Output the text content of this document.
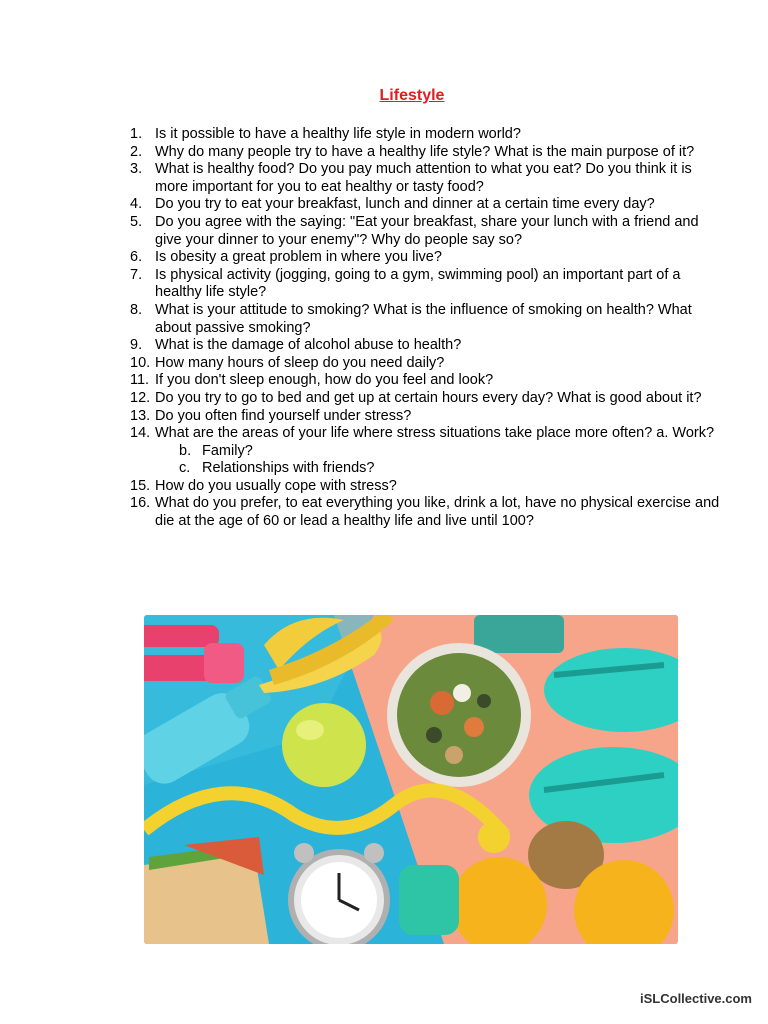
Lifestyle
1. Is it possible to have a healthy life style in modern world?
2. Why do many people try to have a healthy life style? What is the main purpose of it?
3. What is healthy food? Do you pay much attention to what you eat? Do you think it is more important for you to eat healthy or tasty food?
4. Do you try to eat your breakfast, lunch and dinner at a certain time every day?
5. Do you agree with the saying: "Eat your breakfast, share your lunch with a friend and give your dinner to your enemy"? Why do people say so?
6. Is obesity a great problem in where you live?
7. Is physical activity (jogging, going to a gym, swimming pool) an important part of a healthy life style?
8. What is your attitude to smoking? What is the influence of smoking on health? What about passive smoking?
9. What is the damage of alcohol abuse to health?
10. How many hours of sleep do you need daily?
11. If you don't sleep enough, how do you feel and look?
12. Do you try to go to bed and get up at certain hours every day? What is good about it?
13. Do you often find yourself under stress?
14. What are the areas of your life where stress situations take place more often? a. Work?
b. Family?
c. Relationships with friends?
15. How do you usually cope with stress?
16. What do you prefer, to eat everything you like, drink a lot, have no physical exercise and die at the age of 60 or lead a healthy life and live until 100?
iSLCollective.com
